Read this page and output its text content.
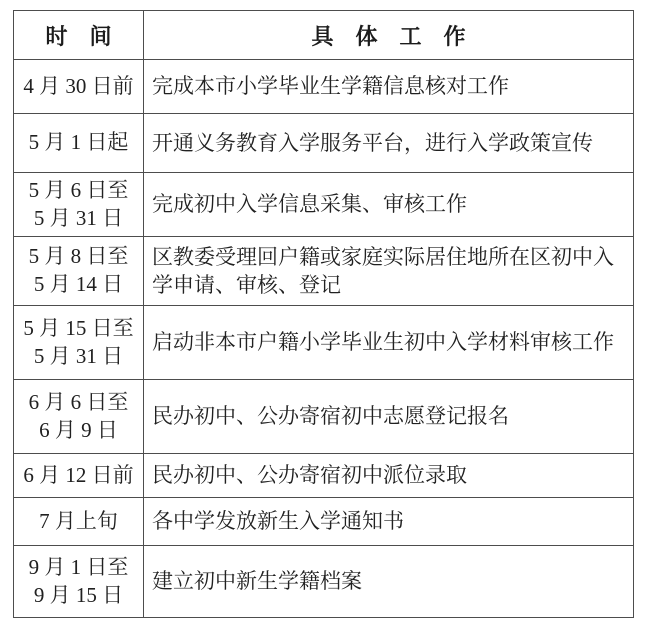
时　间	具　体　工　作

4 月 30 日前	完成本市小学毕业生学籍信息核对工作

5 月 1 日起	开通义务教育入学服务平台，进行入学政策宣传

5 月 6 日至
5 月 31 日	完成初中入学信息采集、审核工作

5 月 8 日至
5 月 14 日	区教委受理回户籍或家庭实际居住地所在区初中入学申请、审核、登记

5 月 15 日至
5 月 31 日	启动非本市户籍小学毕业生初中入学材料审核工作

6 月 6 日至
6 月 9 日	民办初中、公办寄宿初中志愿登记报名

6 月 12 日前	民办初中、公办寄宿初中派位录取

7 月上旬	各中学发放新生入学通知书

9 月 1 日至
9 月 15 日	建立初中新生学籍档案
